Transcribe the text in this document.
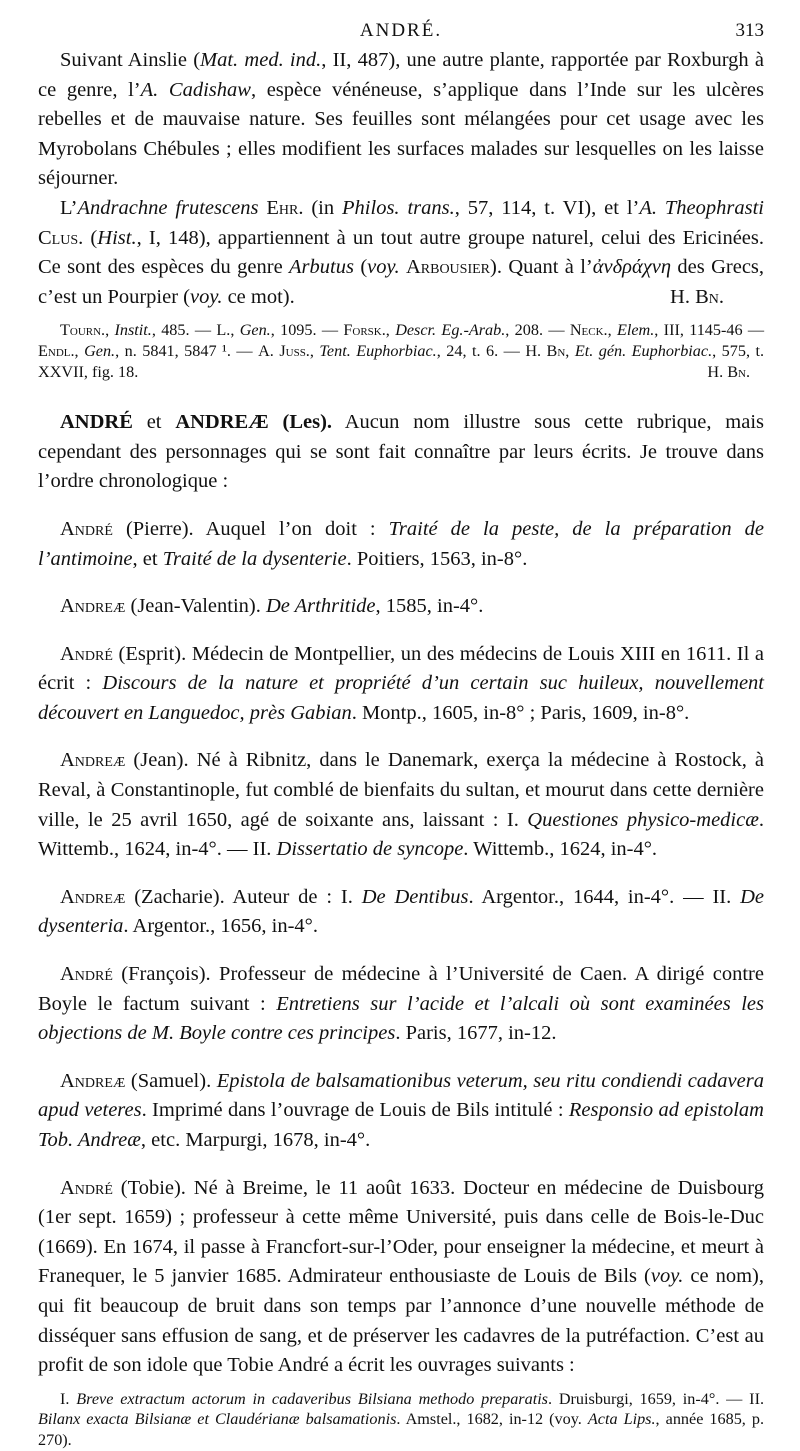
ANDRÉ.	313

Suivant Ainslie (Mat. med. ind., II, 487), une autre plante, rapportée par Roxburgh à ce genre, l’A. Cadishaw, espèce vénéneuse, s’applique dans l’Inde sur les ulcères rebelles et de mauvaise nature. Ses feuilles sont mélangées pour cet usage avec les Myrobolans Chébules ; elles modifient les surfaces malades sur lesquelles on les laisse séjourner.

L’Andrachne frutescens Ehr. (in Philos. trans., 57, 114, t. VI), et l’A. Theophrasti Clus. (Hist., I, 148), appartiennent à un tout autre groupe naturel, celui des Ericinées. Ce sont des espèces du genre Arbutus (voy. Arbousier). Quant à l’ἀνδράχνη des Grecs, c’est un Pourpier (voy. ce mot).	H. Bn.

Tourn., Instit., 485. — L., Gen., 1095. — Forsk., Descr. Eg.-Arab., 208. — Neck., Elem., III, 1145-46 — Endl., Gen., n. 5841, 5847 ¹. — A. Juss., Tent. Euphorbiac., 24, t. 6. — H. Bn, Et. gén. Euphorbiac., 575, t. XXVII, fig. 18.	H. Bn.

ANDRÉ et ANDREÆ (Les). Aucun nom illustre sous cette rubrique, mais cependant des personnages qui se sont fait connaître par leurs écrits. Je trouve dans l’ordre chronologique :

André (Pierre). Auquel l’on doit : Traité de la peste, de la préparation de l’antimoine, et Traité de la dysenterie. Poitiers, 1563, in-8°.

Andreæ (Jean-Valentin). De Arthritide, 1585, in-4°.

André (Esprit). Médecin de Montpellier, un des médecins de Louis XIII en 1611. Il a écrit : Discours de la nature et propriété d’un certain suc huileux, nouvellement découvert en Languedoc, près Gabian. Montp., 1605, in-8° ; Paris, 1609, in-8°.

Andreæ (Jean). Né à Ribnitz, dans le Danemark, exerça la médecine à Rostock, à Reval, à Constantinople, fut comblé de bienfaits du sultan, et mourut dans cette dernière ville, le 25 avril 1650, agé de soixante ans, laissant : I. Questiones physico-medicæ. Wittemb., 1624, in-4°. — II. Dissertatio de syncope. Wittemb., 1624, in-4°.

Andreæ (Zacharie). Auteur de : I. De Dentibus. Argentor., 1644, in-4°. — II. De dysenteria. Argentor., 1656, in-4°.

André (François). Professeur de médecine à l’Université de Caen. A dirigé contre Boyle le factum suivant : Entretiens sur l’acide et l’alcali où sont examinées les objections de M. Boyle contre ces principes. Paris, 1677, in-12.

Andreæ (Samuel). Epistola de balsamationibus veterum, seu ritu condiendi cadavera apud veteres. Imprimé dans l’ouvrage de Louis de Bils intitulé : Responsio ad epistolam Tob. Andreæ, etc. Marpurgi, 1678, in-4°.

André (Tobie). Né à Breime, le 11 août 1633. Docteur en médecine de Duisbourg (1er sept. 1659) ; professeur à cette même Université, puis dans celle de Bois-le-Duc (1669). En 1674, il passe à Francfort-sur-l’Oder, pour enseigner la médecine, et meurt à Franequer, le 5 janvier 1685. Admirateur enthousiaste de Louis de Bils (voy. ce nom), qui fit beaucoup de bruit dans son temps par l’annonce d’une nouvelle méthode de disséquer sans effusion de sang, et de préserver les cadavres de la putréfaction. C’est au profit de son idole que Tobie André a écrit les ouvrages suivants :

I. Breve extractum actorum in cadaveribus Bilsiana methodo preparatis. Druisburgi, 1659, in-4°. — II. Bilanx exacta Bilsianæ et Claudérianæ balsamationis. Amstel., 1682, in-12 (voy. Acta Lips., année 1685, p. 270).
